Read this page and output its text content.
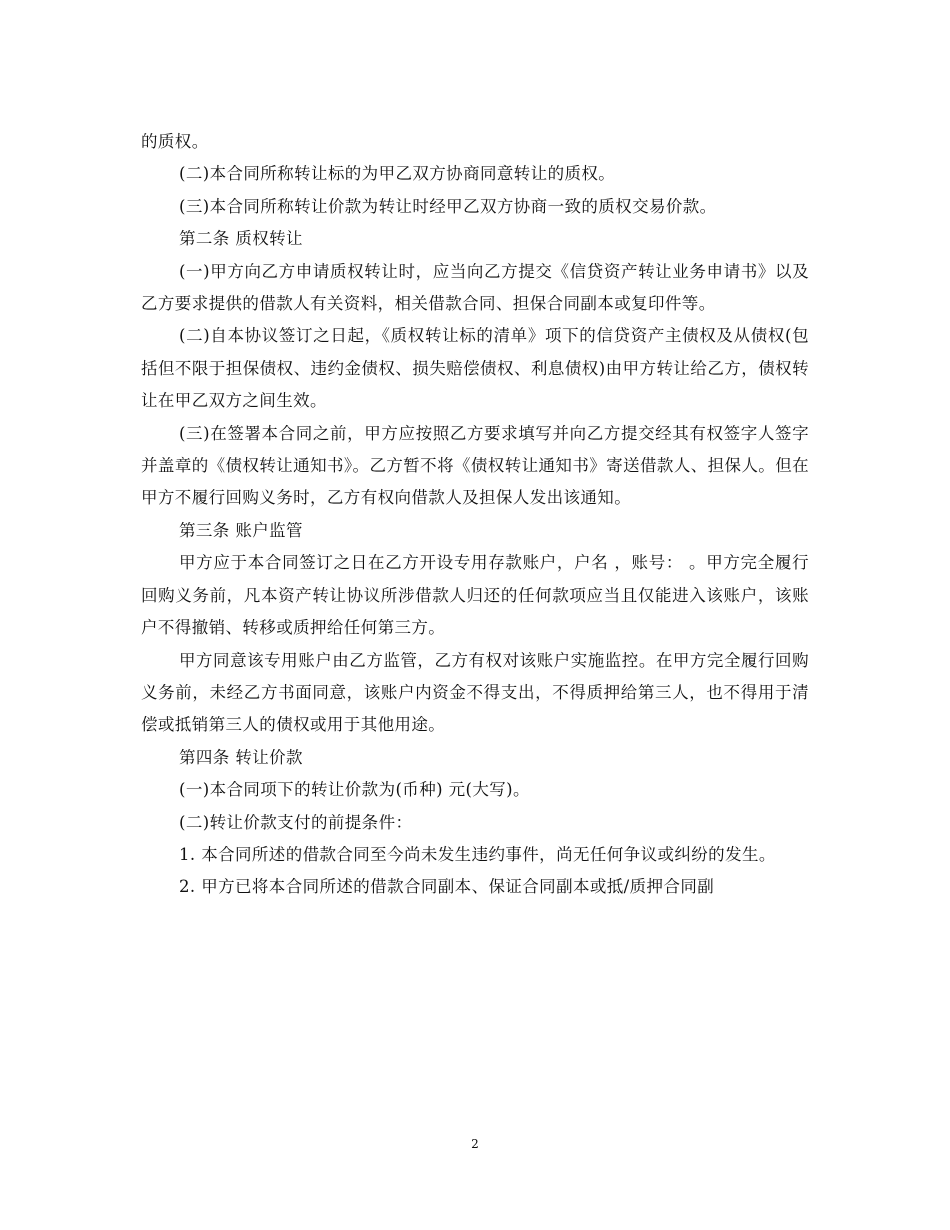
的质权。

(二)本合同所称转让标的为甲乙双方协商同意转让的质权。

(三)本合同所称转让价款为转让时经甲乙双方协商一致的质权交易价款。

第二条 质权转让

(一)甲方向乙方申请质权转让时，应当向乙方提交《信贷资产转让业务申请书》以及乙方要求提供的借款人有关资料，相关借款合同、担保合同副本或复印件等。

(二)自本协议签订之日起，《质权转让标的清单》项下的信贷资产主债权及从债权(包括但不限于担保债权、违约金债权、损失赔偿债权、利息债权)由甲方转让给乙方，债权转让在甲乙双方之间生效。

(三)在签署本合同之前，甲方应按照乙方要求填写并向乙方提交经其有权签字人签字并盖章的《债权转让通知书》。乙方暂不将《债权转让通知书》寄送借款人、担保人。但在甲方不履行回购义务时，乙方有权向借款人及担保人发出该通知。

第三条 账户监管

甲方应于本合同签订之日在乙方开设专用存款账户，户名 ，账号： 。甲方完全履行回购义务前，凡本资产转让协议所涉借款人归还的任何款项应当且仅能进入该账户，该账户不得撤销、转移或质押给任何第三方。

甲方同意该专用账户由乙方监管，乙方有权对该账户实施监控。在甲方完全履行回购义务前，未经乙方书面同意，该账户内资金不得支出，不得质押给第三人，也不得用于清偿或抵销第三人的债权或用于其他用途。

第四条 转让价款

(一)本合同项下的转让价款为(币种) 元(大写)。

(二)转让价款支付的前提条件：

1. 本合同所述的借款合同至今尚未发生违约事件，尚无任何争议或纠纷的发生。

2. 甲方已将本合同所述的借款合同副本、保证合同副本或抵/质押合同副

2
